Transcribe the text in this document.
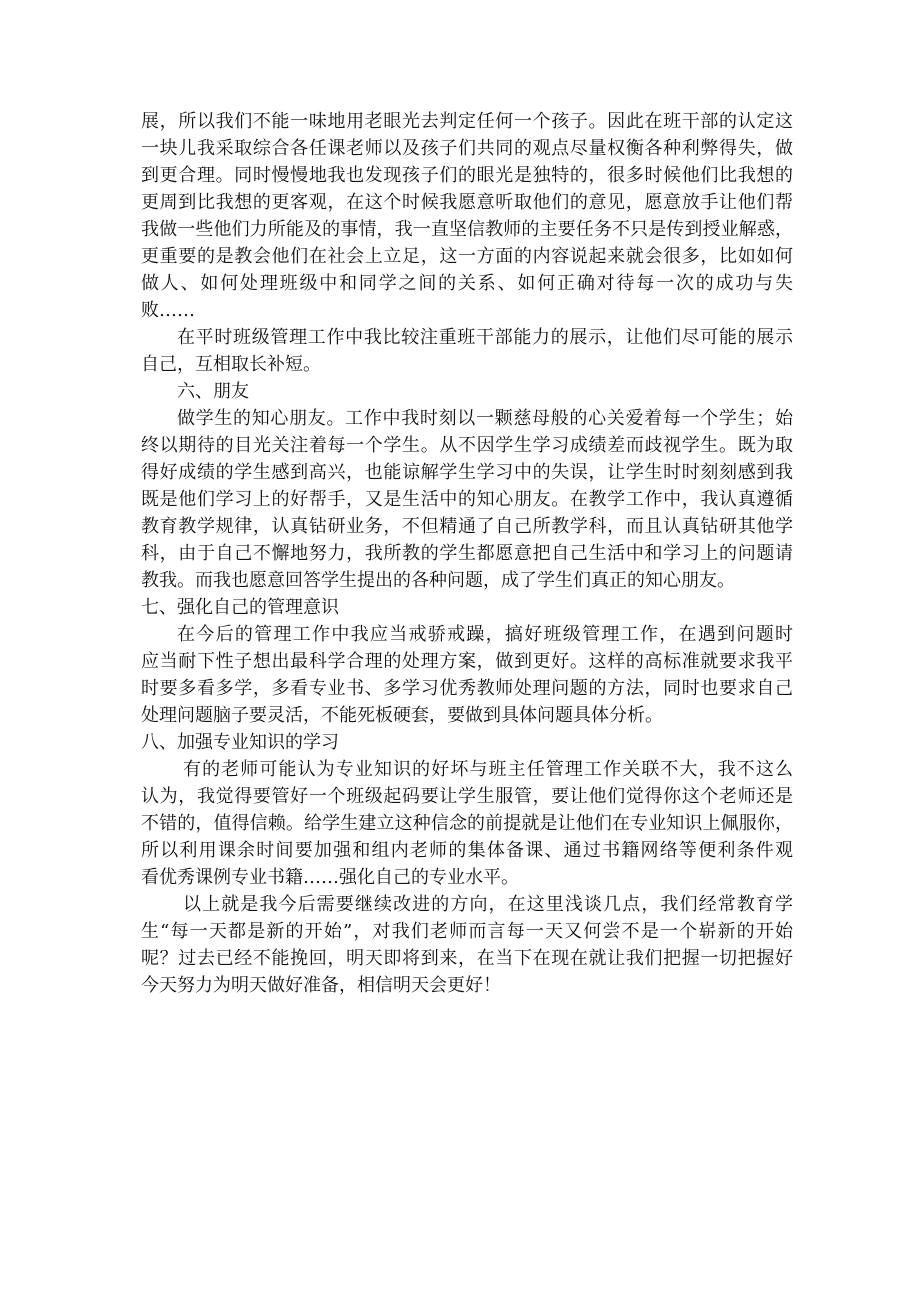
展，所以我们不能一味地用老眼光去判定任何一个孩子。因此在班干部的认定这
一块儿我采取综合各任课老师以及孩子们共同的观点尽量权衡各种利弊得失，做
到更合理。同时慢慢地我也发现孩子们的眼光是独特的，很多时候他们比我想的
更周到比我想的更客观，在这个时候我愿意听取他们的意见，愿意放手让他们帮
我做一些他们力所能及的事情，我一直坚信教师的主要任务不只是传到授业解惑，
更重要的是教会他们在社会上立足，这一方面的内容说起来就会很多，比如如何
做人、如何处理班级中和同学之间的关系、如何正确对待每一次的成功与失
败……
在平时班级管理工作中我比较注重班干部能力的展示，让他们尽可能的展示
自己，互相取长补短。
六、朋友
做学生的知心朋友。工作中我时刻以一颗慈母般的心关爱着每一个学生；始
终以期待的目光关注着每一个学生。从不因学生学习成绩差而歧视学生。既为取
得好成绩的学生感到高兴，也能谅解学生学习中的失误，让学生时时刻刻感到我
既是他们学习上的好帮手，又是生活中的知心朋友。在教学工作中，我认真遵循
教育教学规律，认真钻研业务，不但精通了自己所教学科，而且认真钻研其他学
科，由于自己不懈地努力，我所教的学生都愿意把自己生活中和学习上的问题请
教我。而我也愿意回答学生提出的各种问题，成了学生们真正的知心朋友。
七、强化自己的管理意识
在今后的管理工作中我应当戒骄戒躁，搞好班级管理工作，在遇到问题时
应当耐下性子想出最科学合理的处理方案，做到更好。这样的高标准就要求我平
时要多看多学，多看专业书、多学习优秀教师处理问题的方法，同时也要求自己
处理问题脑子要灵活，不能死板硬套，要做到具体问题具体分析。
八、加强专业知识的学习
有的老师可能认为专业知识的好坏与班主任管理工作关联不大，我不这么
认为，我觉得要管好一个班级起码要让学生服管，要让他们觉得你这个老师还是
不错的，值得信赖。给学生建立这种信念的前提就是让他们在专业知识上佩服你，
所以利用课余时间要加强和组内老师的集体备课、通过书籍网络等便利条件观
看优秀课例专业书籍……强化自己的专业水平。
以上就是我今后需要继续改进的方向，在这里浅谈几点，我们经常教育学
生“每一天都是新的开始”，对我们老师而言每一天又何尝不是一个崭新的开始
呢？过去已经不能挽回，明天即将到来，在当下在现在就让我们把握一切把握好
今天努力为明天做好准备，相信明天会更好！
